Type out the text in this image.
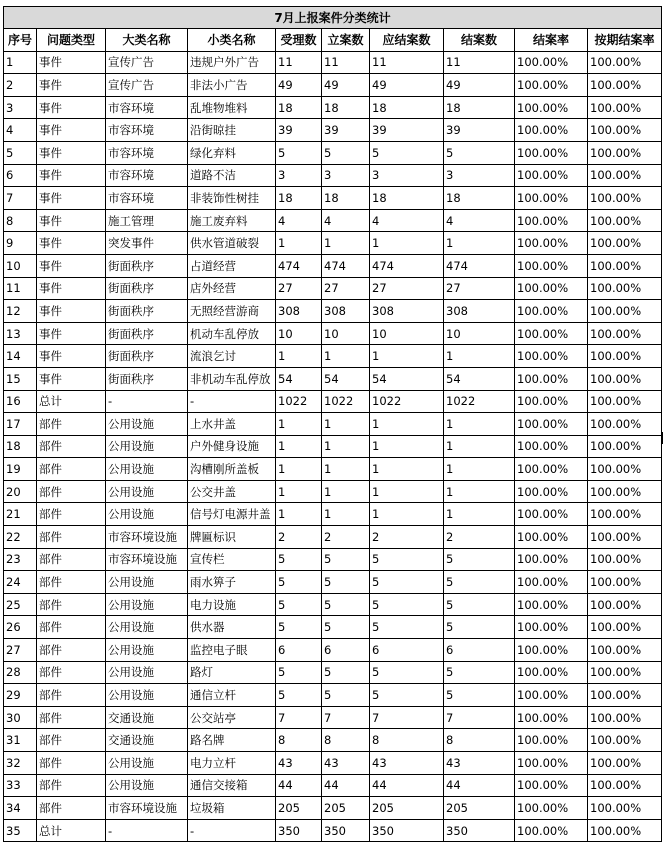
7月上报案件分类统计									
序号	问题类型	大类名称	小类名称	受理数	立案数	应结案数	结案数	结案率	按期结案率
1	事件	宣传广告	违规户外广告	11	11	11	11	100.00%	100.00%
2	事件	宣传广告	非法小广告	49	49	49	49	100.00%	100.00%
3	事件	市容环境	乱堆物堆料	18	18	18	18	100.00%	100.00%
4	事件	市容环境	沿街晾挂	39	39	39	39	100.00%	100.00%
5	事件	市容环境	绿化弃料	5	5	5	5	100.00%	100.00%
6	事件	市容环境	道路不洁	3	3	3	3	100.00%	100.00%
7	事件	市容环境	非装饰性树挂	18	18	18	18	100.00%	100.00%
8	事件	施工管理	施工废弃料	4	4	4	4	100.00%	100.00%
9	事件	突发事件	供水管道破裂	1	1	1	1	100.00%	100.00%
10	事件	街面秩序	占道经营	474	474	474	474	100.00%	100.00%
11	事件	街面秩序	店外经营	27	27	27	27	100.00%	100.00%
12	事件	街面秩序	无照经营游商	308	308	308	308	100.00%	100.00%
13	事件	街面秩序	机动车乱停放	10	10	10	10	100.00%	100.00%
14	事件	街面秩序	流浪乞讨	1	1	1	1	100.00%	100.00%
15	事件	街面秩序	非机动车乱停放	54	54	54	54	100.00%	100.00%
16	总计	-	-	1022	1022	1022	1022	100.00%	100.00%
17	部件	公用设施	上水井盖	1	1	1	1	100.00%	100.00%
18	部件	公用设施	户外健身设施	1	1	1	1	100.00%	100.00%
19	部件	公用设施	沟槽刚所盖板	1	1	1	1	100.00%	100.00%
20	部件	公用设施	公交井盖	1	1	1	1	100.00%	100.00%
21	部件	公用设施	信号灯电源井盖	1	1	1	1	100.00%	100.00%
22	部件	市容环境设施	牌匾标识	2	2	2	2	100.00%	100.00%
23	部件	市容环境设施	宣传栏	5	5	5	5	100.00%	100.00%
24	部件	公用设施	雨水箅子	5	5	5	5	100.00%	100.00%
25	部件	公用设施	电力设施	5	5	5	5	100.00%	100.00%
26	部件	公用设施	供水器	5	5	5	5	100.00%	100.00%
27	部件	公用设施	监控电子眼	6	6	6	6	100.00%	100.00%
28	部件	公用设施	路灯	5	5	5	5	100.00%	100.00%
29	部件	公用设施	通信立杆	5	5	5	5	100.00%	100.00%
30	部件	交通设施	公交站亭	7	7	7	7	100.00%	100.00%
31	部件	交通设施	路名牌	8	8	8	8	100.00%	100.00%
32	部件	公用设施	电力立杆	43	43	43	43	100.00%	100.00%
33	部件	公用设施	通信交接箱	44	44	44	44	100.00%	100.00%
34	部件	市容环境设施	垃圾箱	205	205	205	205	100.00%	100.00%
35	总计	-	-	350	350	350	350	100.00%	100.00%
